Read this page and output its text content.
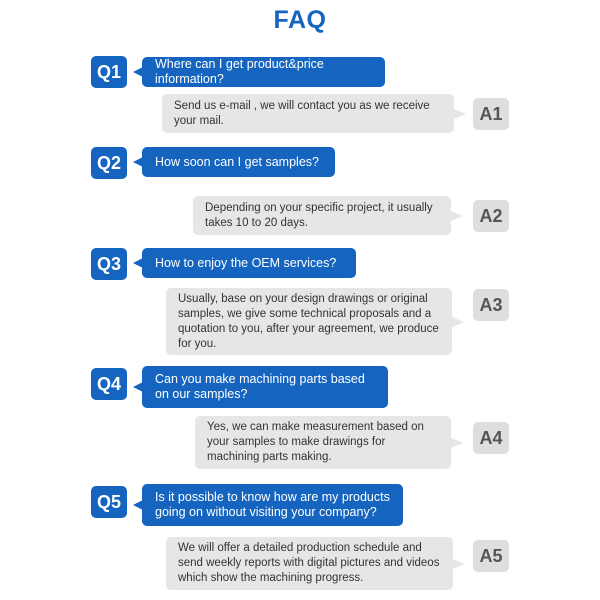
FAQ
Q1	Where can I get product&price information?
Send us e-mail , we will contact you as we receive your mail.	A1
Q2	How soon can I get samples?
Depending on your specific project, it usually takes 10 to 20 days.	A2
Q3	How to enjoy the OEM services?
Usually, base on your design drawings or original samples, we give some technical proposals and a quotation to you, after your agreement, we produce for you.
A3
Q4	Can you make machining parts based on our samples?
Yes, we can make measurement based on your samples to make drawings for machining parts making.
A4
Q5	Is it possible to know how are my products going on without visiting your company?
We will offer a detailed production schedule and send weekly reports with digital pictures and videos which show the machining progress.
A5
